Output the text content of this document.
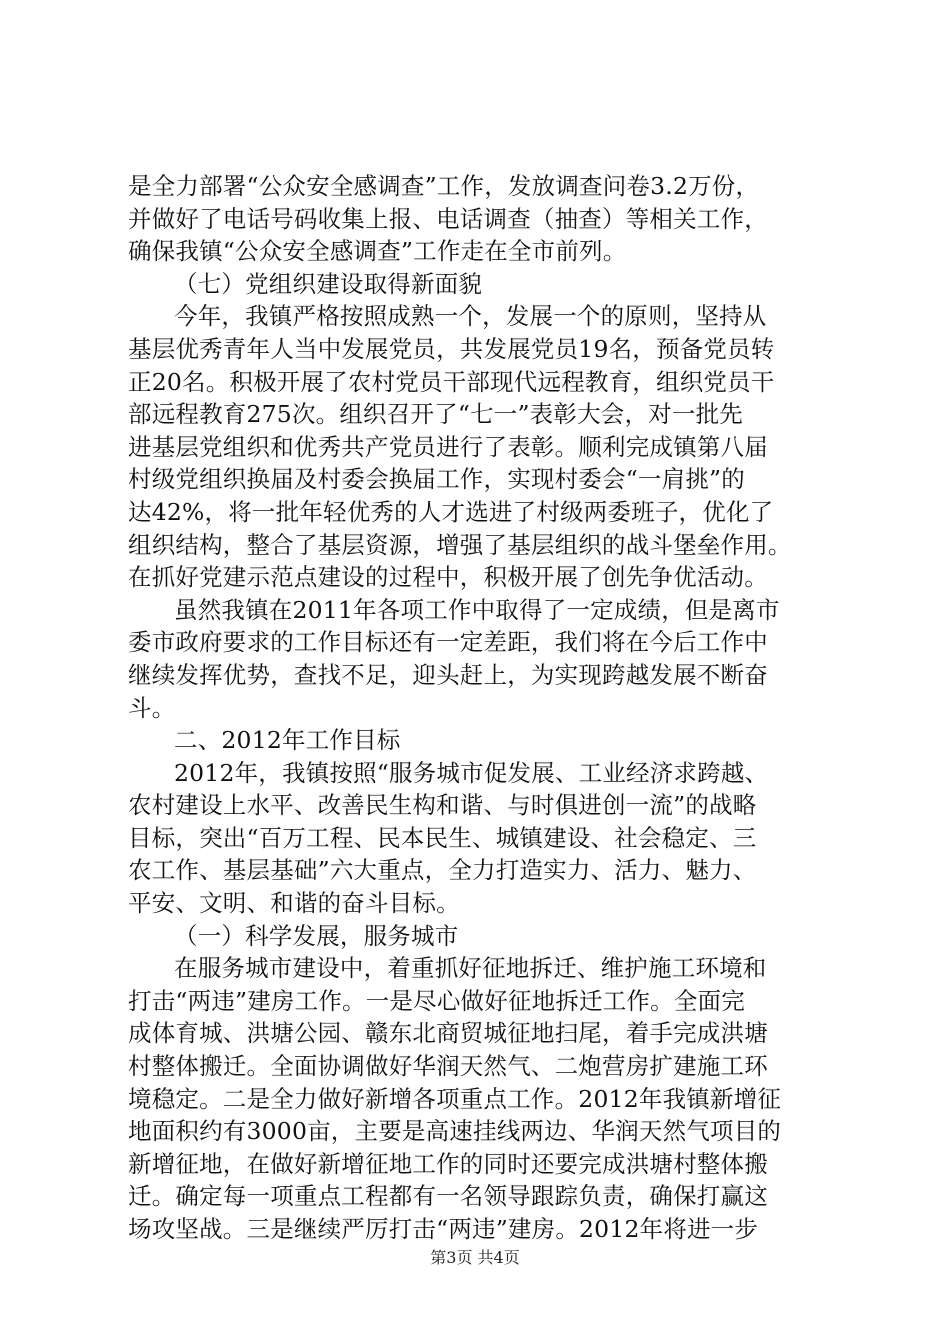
是全力部署“公众安全感调查”工作，发放调查问卷3.2万份，
并做好了电话号码收集上报、电话调查（抽查）等相关工作，
确保我镇“公众安全感调查”工作走在全市前列。
（七）党组织建设取得新面貌
今年，我镇严格按照成熟一个，发展一个的原则，坚持从
基层优秀青年人当中发展党员，共发展党员19名，预备党员转
正20名。积极开展了农村党员干部现代远程教育，组织党员干
部远程教育275次。组织召开了“七一”表彰大会，对一批先
进基层党组织和优秀共产党员进行了表彰。顺利完成镇第八届
村级党组织换届及村委会换届工作，实现村委会“一肩挑”的
达42%，将一批年轻优秀的人才选进了村级两委班子，优化了
组织结构，整合了基层资源，增强了基层组织的战斗堡垒作用。
在抓好党建示范点建设的过程中，积极开展了创先争优活动。
虽然我镇在2011年各项工作中取得了一定成绩，但是离市
委市政府要求的工作目标还有一定差距，我们将在今后工作中
继续发挥优势，查找不足，迎头赶上，为实现跨越发展不断奋
斗。
二、2012年工作目标
2012年，我镇按照“服务城市促发展、工业经济求跨越、
农村建设上水平、改善民生构和谐、与时俱进创一流”的战略
目标，突出“百万工程、民本民生、城镇建设、社会稳定、三
农工作、基层基础”六大重点，全力打造实力、活力、魅力、
平安、文明、和谐的奋斗目标。
（一）科学发展，服务城市
在服务城市建设中，着重抓好征地拆迁、维护施工环境和
打击“两违”建房工作。一是尽心做好征地拆迁工作。全面完
成体育城、洪塘公园、赣东北商贸城征地扫尾，着手完成洪塘
村整体搬迁。全面协调做好华润天然气、二炮营房扩建施工环
境稳定。二是全力做好新增各项重点工作。2012年我镇新增征
地面积约有3000亩，主要是高速挂线两边、华润天然气项目的
新增征地，在做好新增征地工作的同时还要完成洪塘村整体搬
迁。确定每一项重点工程都有一名领导跟踪负责，确保打赢这
场攻坚战。三是继续严厉打击“两违”建房。2012年将进一步
第3页 共4页
